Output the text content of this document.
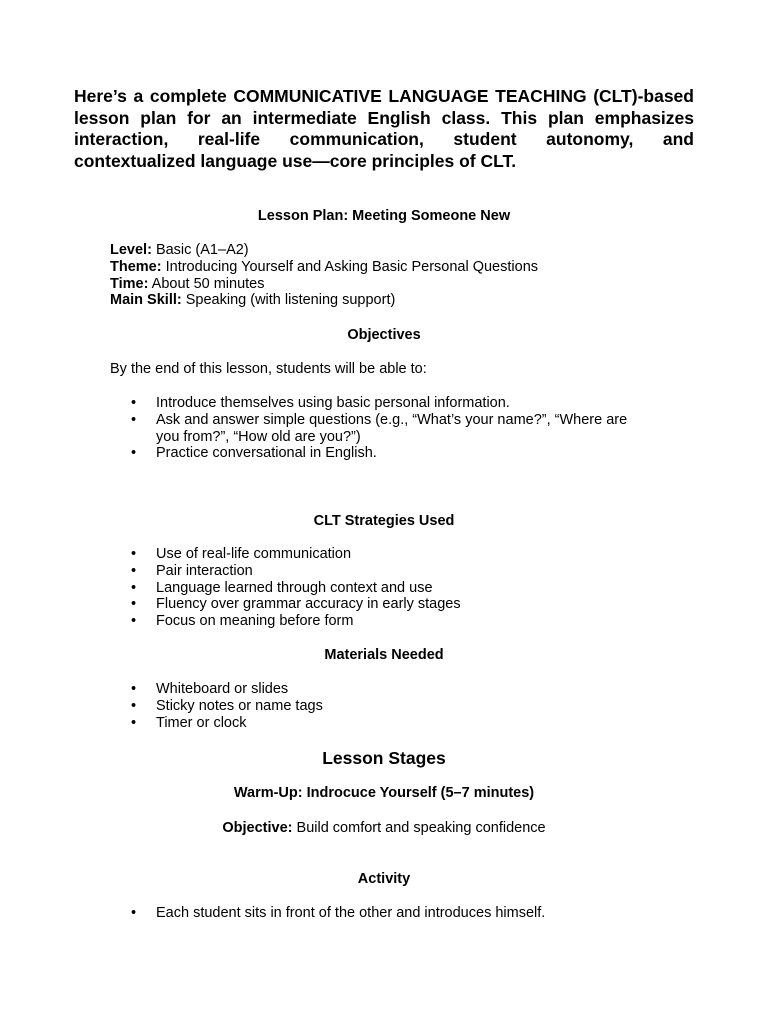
Here’s a complete COMMUNICATIVE LANGUAGE TEACHING (CLT)-based lesson plan for an intermediate English class. This plan emphasizes interaction, real-life communication, student autonomy, and contextualized language use—core principles of CLT.

Lesson Plan: Meeting Someone New

Level: Basic (A1–A2)
Theme: Introducing Yourself and Asking Basic Personal Questions
Time: About 50 minutes
Main Skill: Speaking (with listening support)

Objectives

By the end of this lesson, students will be able to:

• Introduce themselves using basic personal information.
• Ask and answer simple questions (e.g., “What’s your name?”, “Where are you from?”, “How old are you?”)
• Practice conversational in English.

CLT Strategies Used

• Use of real-life communication
• Pair interaction
• Language learned through context and use
• Fluency over grammar accuracy in early stages
• Focus on meaning before form

Materials Needed

• Whiteboard or slides
• Sticky notes or name tags
• Timer or clock

Lesson Stages

Warm-Up: Indrocuce Yourself (5–7 minutes)

Objective: Build comfort and speaking confidence

Activity

• Each student sits in front of the other and introduces himself.
